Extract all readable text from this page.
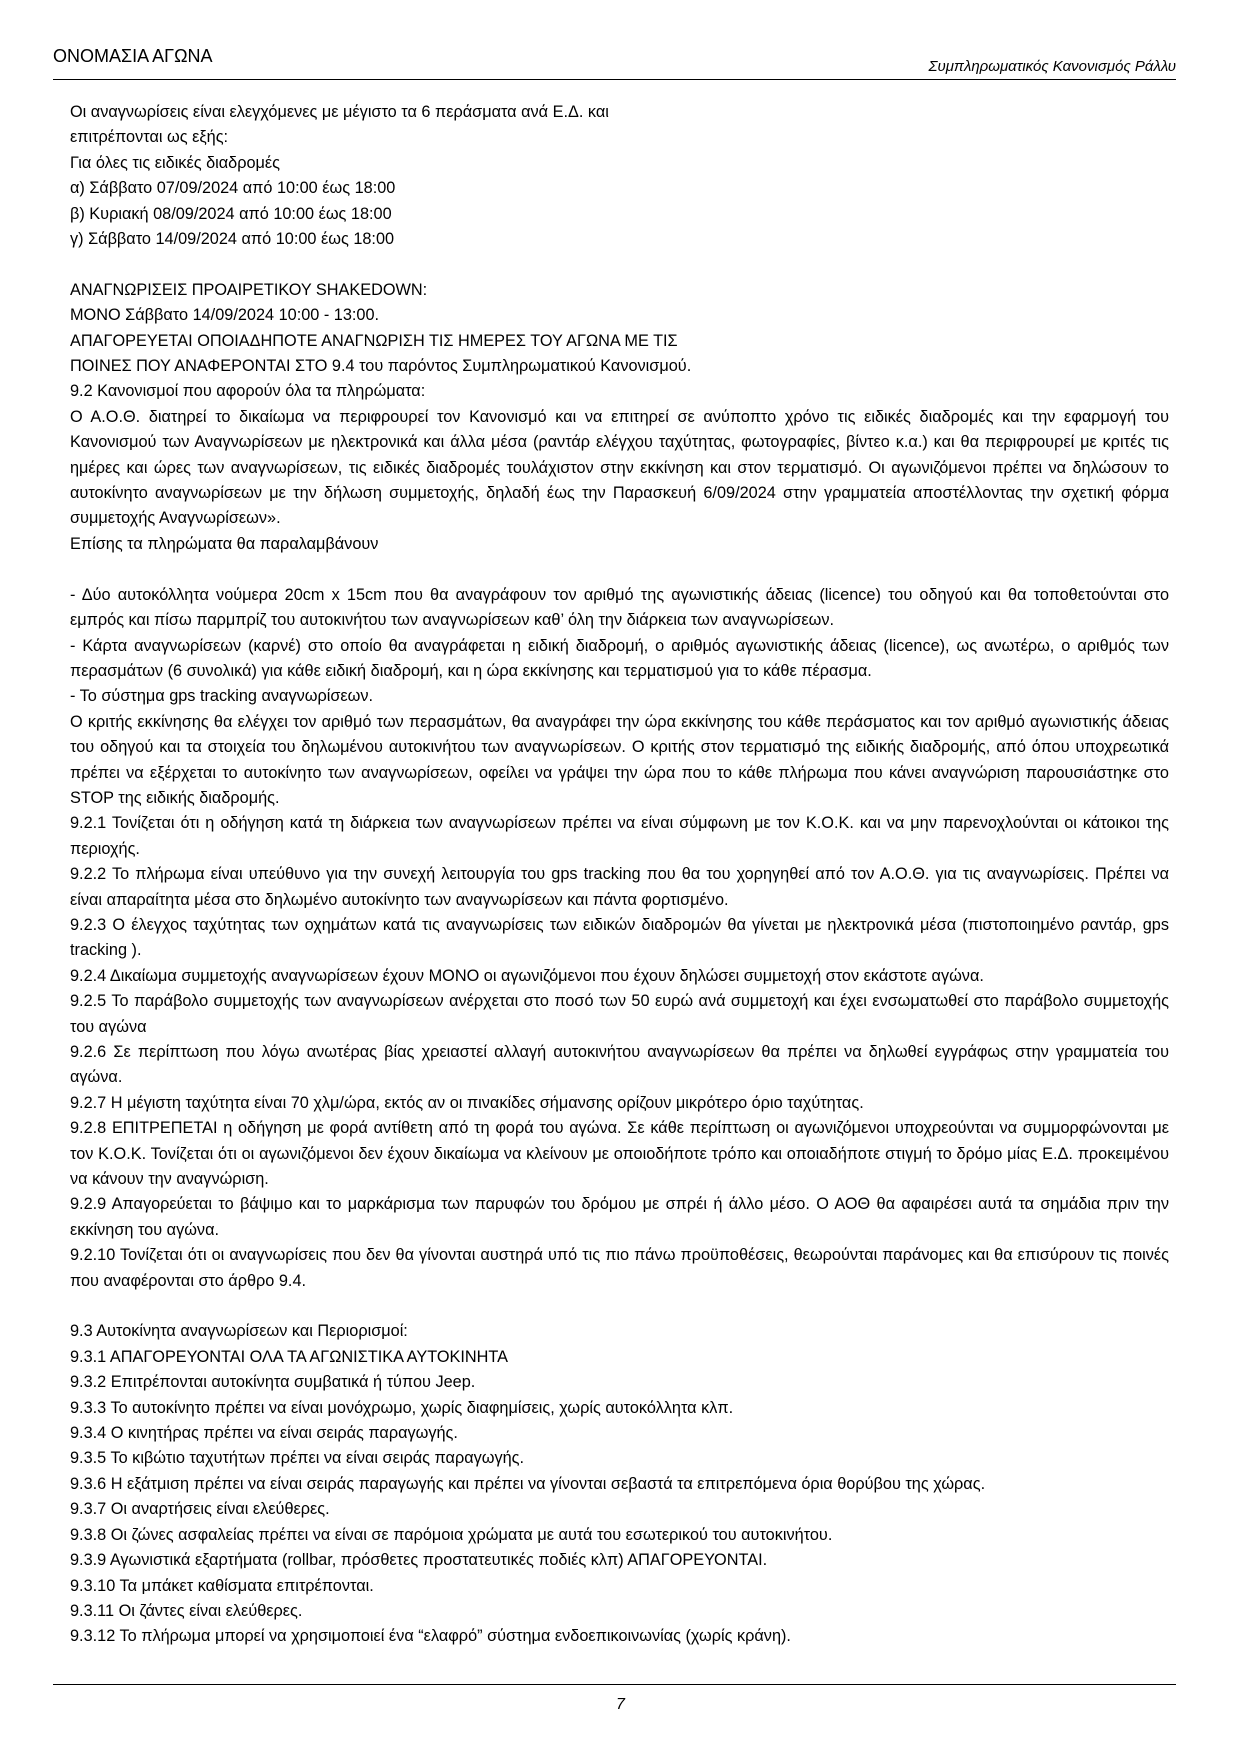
ΟΝΟΜΑΣΙΑ ΑΓΩΝΑ
Συμπληρωματικός Κανονισμός Ράλλυ

Οι αναγνωρίσεις είναι ελεγχόμενες με μέγιστο τα 6 περάσματα ανά Ε.Δ. και

επιτρέπονται ως εξής:

Για όλες τις ειδικές διαδρομές

α) Σάββατο 07/09/2024 από 10:00 έως 18:00

β) Κυριακή 08/09/2024 από 10:00 έως 18:00

γ) Σάββατο 14/09/2024 από 10:00 έως 18:00

ΑΝΑΓΝΩΡΙΣΕΙΣ ΠΡΟΑΙΡΕΤΙΚΟΥ SHAKEDOWN:

ΜΟΝΟ Σάββατο 14/09/2024 10:00 - 13:00.

ΑΠΑΓΟΡΕΥΕΤΑΙ ΟΠΟΙΑΔΗΠΟΤΕ ΑΝΑΓΝΩΡΙΣΗ ΤΙΣ ΗΜΕΡΕΣ ΤΟΥ ΑΓΩΝΑ ΜΕ ΤΙΣ

ΠΟΙΝΕΣ ΠΟΥ ΑΝΑΦΕΡΟΝΤΑΙ ΣΤΟ 9.4 του παρόντος Συμπληρωματικού Κανονισμού.

9.2 Κανονισμοί που αφορούν όλα τα πληρώματα:

Ο Α.Ο.Θ. διατηρεί το δικαίωμα να περιφρουρεί τον Κανονισμό και να επιτηρεί σε ανύποπτο χρόνο τις ειδικές διαδρομές και την εφαρμογή του Κανονισμού των Αναγνωρίσεων με ηλεκτρονικά και άλλα μέσα (ραντάρ ελέγχου ταχύτητας, φωτογραφίες, βίντεο κ.α.) και θα περιφρουρεί με κριτές τις ημέρες και ώρες των αναγνωρίσεων, τις ειδικές διαδρομές τουλάχιστον στην εκκίνηση και στον τερματισμό. Οι αγωνιζόμενοι πρέπει να δηλώσουν το αυτοκίνητο αναγνωρίσεων με την δήλωση συμμετοχής, δηλαδή έως την Παρασκευή 6/09/2024 στην γραμματεία αποστέλλοντας την σχετική φόρμα συμμετοχής Αναγνωρίσεων».

Επίσης τα πληρώματα θα παραλαμβάνουν

- Δύο αυτοκόλλητα νούμερα 20cm x 15cm που θα αναγράφουν τον αριθμό της αγωνιστικής άδειας (licence) του οδηγού και θα τοποθετούνται στο εμπρός και πίσω παρμπρίζ του αυτοκινήτου των αναγνωρίσεων καθ’ όλη την διάρκεια των αναγνωρίσεων.

- Κάρτα αναγνωρίσεων (καρνέ) στο οποίο θα αναγράφεται η ειδική διαδρομή, ο αριθμός αγωνιστικής άδειας (licence), ως ανωτέρω, ο αριθμός των περασμάτων (6 συνολικά) για κάθε ειδική διαδρομή, και η ώρα εκκίνησης και τερματισμού για το κάθε πέρασμα.

- Το σύστημα gps tracking αναγνωρίσεων.

Ο κριτής εκκίνησης θα ελέγχει τον αριθμό των περασμάτων, θα αναγράφει την ώρα εκκίνησης του κάθε περάσματος και τον αριθμό αγωνιστικής άδειας του οδηγού και τα στοιχεία του δηλωμένου αυτοκινήτου των αναγνωρίσεων. Ο κριτής στον τερματισμό της ειδικής διαδρομής, από όπου υποχρεωτικά πρέπει να εξέρχεται το αυτοκίνητο των αναγνωρίσεων, οφείλει να γράψει την ώρα που το κάθε πλήρωμα που κάνει αναγνώριση παρουσιάστηκε στο STOP της ειδικής διαδρομής.

9.2.1 Τονίζεται ότι η οδήγηση κατά τη διάρκεια των αναγνωρίσεων πρέπει να είναι σύμφωνη με τον Κ.Ο.Κ. και να μην παρενοχλούνται οι κάτοικοι της περιοχής.

9.2.2 Το πλήρωμα είναι υπεύθυνο για την συνεχή λειτουργία του gps tracking που θα του χορηγηθεί από τον Α.Ο.Θ. για τις αναγνωρίσεις. Πρέπει να είναι απαραίτητα μέσα στο δηλωμένο αυτοκίνητο των αναγνωρίσεων και πάντα φορτισμένο.

9.2.3 Ο έλεγχος ταχύτητας των οχημάτων κατά τις αναγνωρίσεις των ειδικών διαδρομών θα γίνεται με ηλεκτρονικά μέσα (πιστοποιημένο ραντάρ, gps tracking ).

9.2.4 Δικαίωμα συμμετοχής αναγνωρίσεων έχουν ΜΟΝΟ οι αγωνιζόμενοι που έχουν δηλώσει συμμετοχή στον εκάστοτε αγώνα.

9.2.5 Το παράβολο συμμετοχής των αναγνωρίσεων ανέρχεται στο ποσό των 50 ευρώ ανά συμμετοχή και έχει ενσωματωθεί στο παράβολο συμμετοχής του αγώνα

9.2.6 Σε περίπτωση που λόγω ανωτέρας βίας χρειαστεί αλλαγή αυτοκινήτου αναγνωρίσεων θα πρέπει να δηλωθεί εγγράφως στην γραμματεία του αγώνα.

9.2.7 Η μέγιστη ταχύτητα είναι 70 χλμ/ώρα, εκτός αν οι πινακίδες σήμανσης ορίζουν μικρότερο όριο ταχύτητας.

9.2.8 ΕΠΙΤΡΕΠΕΤΑΙ η οδήγηση με φορά αντίθετη από τη φορά του αγώνα. Σε κάθε περίπτωση οι αγωνιζόμενοι υποχρεούνται να συμμορφώνονται με τον Κ.Ο.Κ. Τονίζεται ότι οι αγωνιζόμενοι δεν έχουν δικαίωμα να κλείνουν με οποιοδήποτε τρόπο και οποιαδήποτε στιγμή το δρόμο μίας Ε.Δ. προκειμένου να κάνουν την αναγνώριση.

9.2.9 Απαγορεύεται το βάψιμο και το μαρκάρισμα των παρυφών του δρόμου με σπρέι ή άλλο μέσο. Ο ΑΟΘ θα αφαιρέσει αυτά τα σημάδια πριν την εκκίνηση του αγώνα.

9.2.10 Τονίζεται ότι οι αναγνωρίσεις που δεν θα γίνονται αυστηρά υπό τις πιο πάνω προϋποθέσεις, θεωρούνται παράνομες και θα επισύρουν τις ποινές που αναφέρονται στο άρθρο 9.4.

9.3 Αυτοκίνητα αναγνωρίσεων και Περιορισμοί:

9.3.1 ΑΠΑΓΟΡΕΥΟΝΤΑΙ ΟΛΑ ΤΑ ΑΓΩΝΙΣΤΙΚΑ ΑΥΤΟΚΙΝΗΤΑ

9.3.2 Επιτρέπονται αυτοκίνητα συμβατικά ή τύπου Jeep.

9.3.3 Το αυτοκίνητο πρέπει να είναι μονόχρωμο, χωρίς διαφημίσεις, χωρίς αυτοκόλλητα κλπ.

9.3.4 Ο κινητήρας πρέπει να είναι σειράς παραγωγής.

9.3.5 Το κιβώτιο ταχυτήτων πρέπει να είναι σειράς παραγωγής.

9.3.6 Η εξάτμιση πρέπει να είναι σειράς παραγωγής και πρέπει να γίνονται σεβαστά τα επιτρεπόμενα όρια θορύβου της χώρας.

9.3.7 Οι αναρτήσεις είναι ελεύθερες.

9.3.8 Οι ζώνες ασφαλείας πρέπει να είναι σε παρόμοια χρώματα με αυτά του εσωτερικού του αυτοκινήτου.

9.3.9 Αγωνιστικά εξαρτήματα (rollbar, πρόσθετες προστατευτικές ποδιές κλπ) ΑΠΑΓΟΡΕΥΟΝΤΑΙ.

9.3.10 Τα μπάκετ καθίσματα επιτρέπονται.

9.3.11 Οι ζάντες είναι ελεύθερες.

9.3.12 Το πλήρωμα μπορεί να χρησιμοποιεί ένα “ελαφρό” σύστημα ενδοεπικοινωνίας (χωρίς κράνη).

7
